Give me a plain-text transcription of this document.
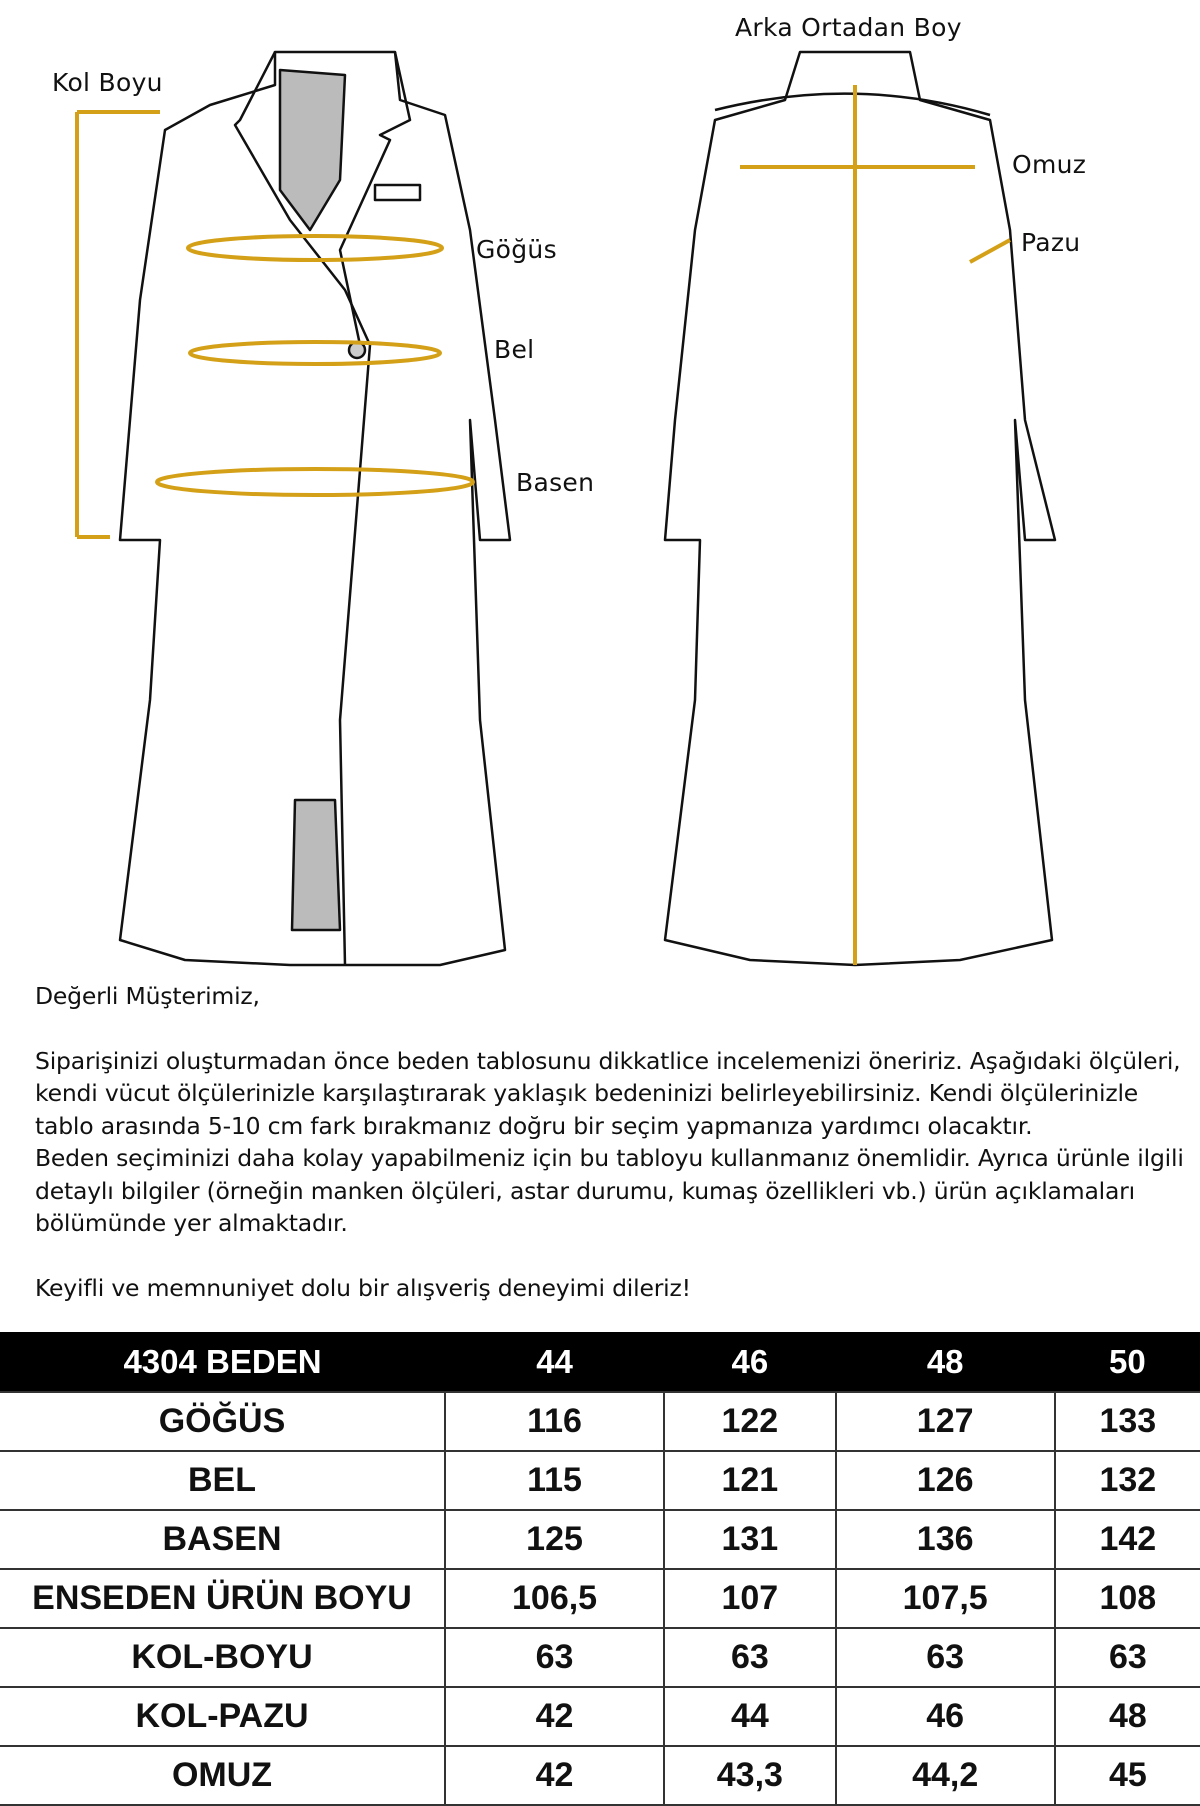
Kol Boyu
Göğüs
Bel
Basen
Arka Ortadan Boy
Omuz
Pazu

Değerli Müşterimiz,

Siparişinizi oluşturmadan önce beden tablosunu dikkatlice incelemenizi öneririz. Aşağıdaki ölçüleri, kendi vücut ölçülerinizle karşılaştırarak yaklaşık bedeninizi belirleyebilirsiniz. Kendi ölçülerinizle tablo arasında 5-10 cm fark bırakmanız doğru bir seçim yapmanıza yardımcı olacaktır.

Beden seçiminizi daha kolay yapabilmeniz için bu tabloyu kullanmanız önemlidir. Ayrıca ürünle ilgili detaylı bilgiler (örneğin manken ölçüleri, astar durumu, kumaş özellikleri vb.) ürün açıklamaları bölümünde yer almaktadır.

Keyifli ve memnuniyet dolu bir alışveriş deneyimi dileriz!

4304 BEDEN	44	46	48	50
GÖĞÜS	116	122	127	133
BEL	115	121	126	132
BASEN	125	131	136	142
ENSEDEN ÜRÜN BOYU	106,5	107	107,5	108
KOL-BOYU	63	63	63	63
KOL-PAZU	42	44	46	48
OMUZ	42	43,3	44,2	45
